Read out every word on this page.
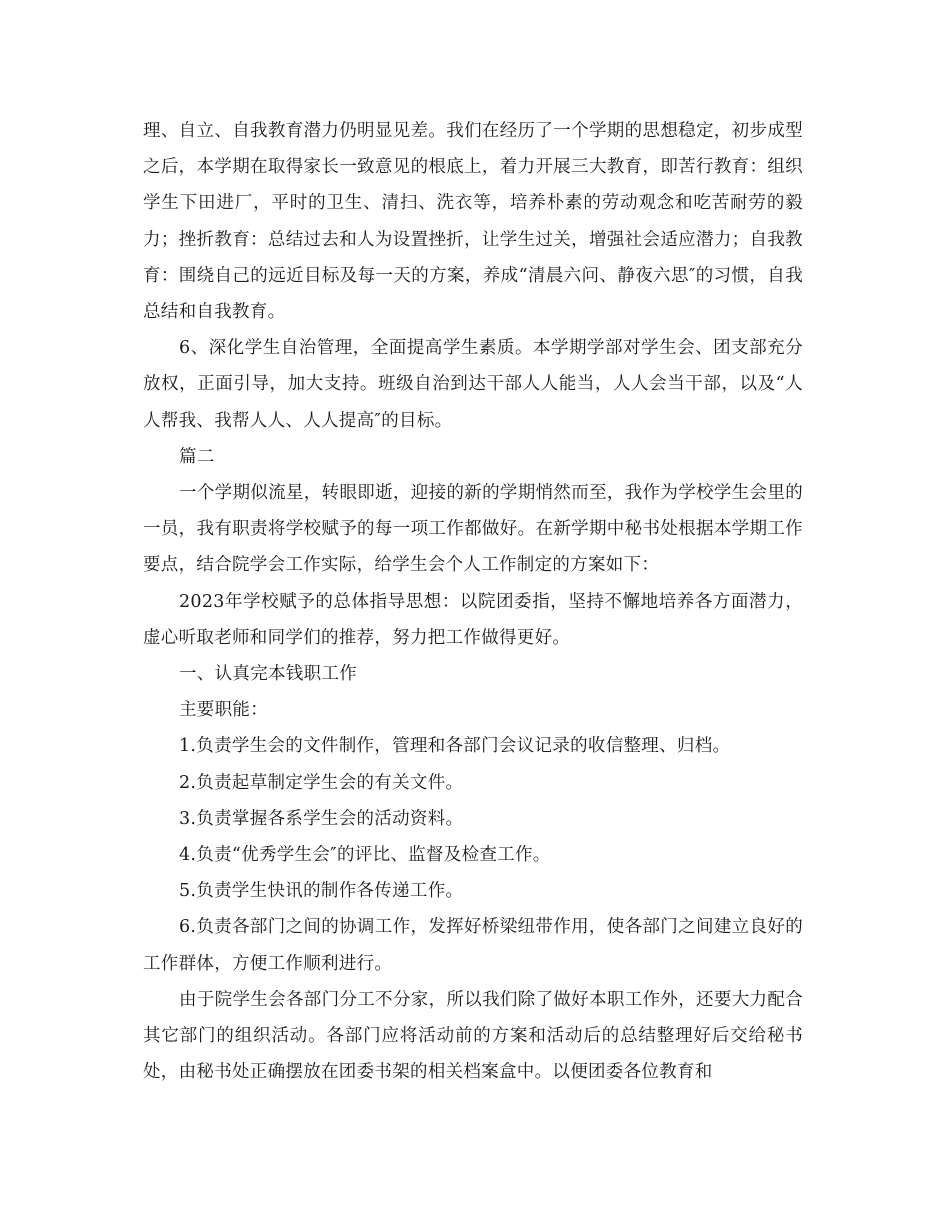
理、自立、自我教育潜力仍明显见差。我们在经历了一个学期的思想稳定，初步成型之后，本学期在取得家长一致意见的根底上，着力开展三大教育，即苦行教育：组织学生下田进厂，平时的卫生、清扫、洗衣等，培养朴素的劳动观念和吃苦耐劳的毅力；挫折教育：总结过去和人为设置挫折，让学生过关，增强社会适应潜力；自我教育：围绕自己的远近目标及每一天的方案，养成“清晨六问、静夜六思″的习惯，自我总结和自我教育。

6、深化学生自治管理，全面提高学生素质。本学期学部对学生会、团支部充分放权，正面引导，加大支持。班级自治到达干部人人能当，人人会当干部，以及“人人帮我、我帮人人、人人提高″的目标。

篇二

一个学期似流星，转眼即逝，迎接的新的学期悄然而至，我作为学校学生会里的一员，我有职责将学校赋予的每一项工作都做好。在新学期中秘书处根据本学期工作要点，结合院学会工作实际，给学生会个人工作制定的方案如下：

2023年学校赋予的总体指导思想：以院团委指，坚持不懈地培养各方面潜力，虚心听取老师和同学们的推荐，努力把工作做得更好。

一、认真完本钱职工作

主要职能：

1.负责学生会的文件制作，管理和各部门会议记录的收信整理、归档。

2.负责起草制定学生会的有关文件。

3.负责掌握各系学生会的活动资料。

4.负责“优秀学生会″的评比、监督及检查工作。

5.负责学生快讯的制作各传递工作。

6.负责各部门之间的协调工作，发挥好桥梁纽带作用，使各部门之间建立良好的工作群体，方便工作顺利进行。

由于院学生会各部门分工不分家，所以我们除了做好本职工作外，还要大力配合其它部门的组织活动。各部门应将活动前的方案和活动后的总结整理好后交给秘书处，由秘书处正确摆放在团委书架的相关档案盒中。以便团委各位教育和
